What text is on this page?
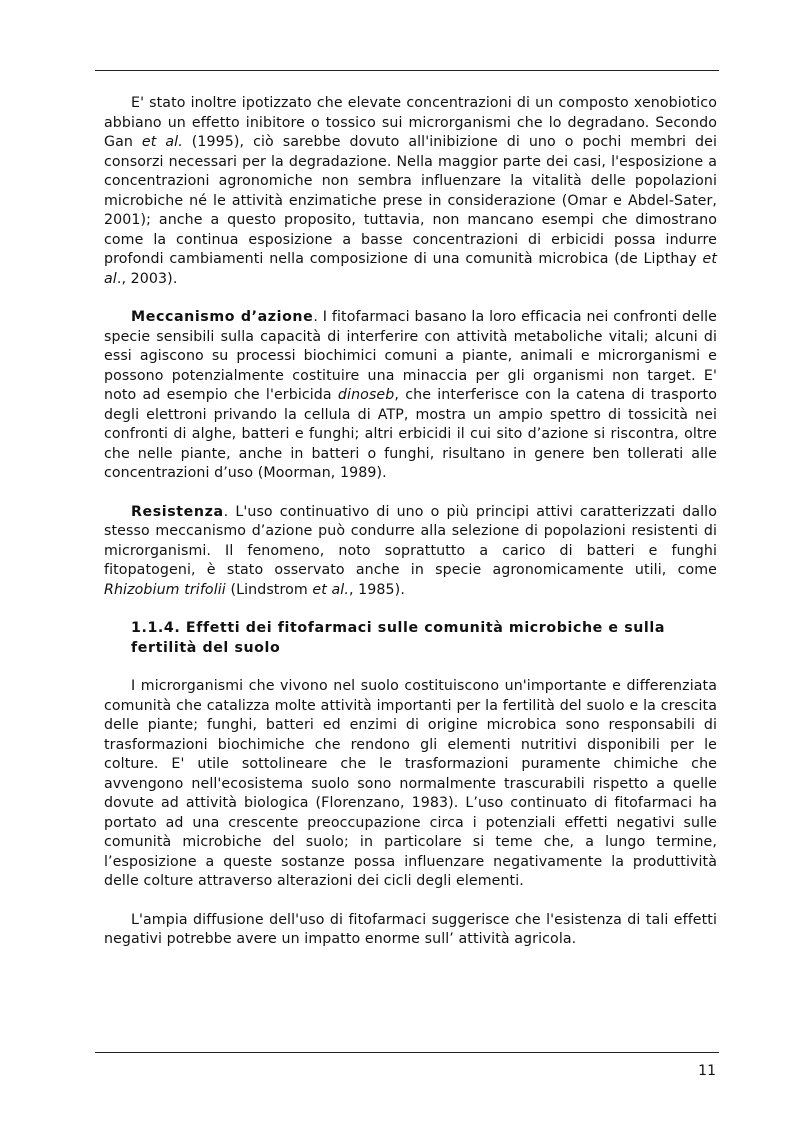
E' stato inoltre ipotizzato che elevate concentrazioni di un composto xenobiotico abbiano un effetto inibitore o tossico sui microrganismi che lo degradano. Secondo Gan et al. (1995), ciò sarebbe dovuto all'inibizione di uno o pochi membri dei consorzi necessari per la degradazione. Nella maggior parte dei casi, l'esposizione a concentrazioni agronomiche non sembra influenzare la vitalità delle popolazioni microbiche né le attività enzimatiche prese in considerazione (Omar e Abdel-Sater, 2001); anche a questo proposito, tuttavia, non mancano esempi che dimostrano come la continua esposizione a basse concentrazioni di erbicidi possa indurre profondi cambiamenti nella composizione di una comunità microbica (de Lipthay et al., 2003).

Meccanismo d’azione. I fitofarmaci basano la loro efficacia nei confronti delle specie sensibili sulla capacità di interferire con attività metaboliche vitali; alcuni di essi agiscono su processi biochimici comuni a piante, animali e microrganismi e possono potenzialmente costituire una minaccia per gli organismi non target. E' noto ad esempio che l'erbicida dinoseb, che interferisce con la catena di trasporto degli elettroni privando la cellula di ATP, mostra un ampio spettro di tossicità nei confronti di alghe, batteri e funghi; altri erbicidi il cui sito d’azione si riscontra, oltre che nelle piante, anche in batteri o funghi, risultano in genere ben tollerati alle concentrazioni d’uso (Moorman, 1989).

Resistenza. L'uso continuativo di uno o più principi attivi caratterizzati dallo stesso meccanismo d’azione può condurre alla selezione di popolazioni resistenti di microrganismi. Il fenomeno, noto soprattutto a carico di batteri e funghi fitopatogeni, è stato osservato anche in specie agronomicamente utili, come Rhizobium trifolii (Lindstrom et al., 1985).

1.1.4. Effetti dei fitofarmaci sulle comunità microbiche e sulla fertilità del suolo

I microrganismi che vivono nel suolo costituiscono un'importante e differenziata comunità che catalizza molte attività importanti per la fertilità del suolo e la crescita delle piante; funghi, batteri ed enzimi di origine microbica sono responsabili di trasformazioni biochimiche che rendono gli elementi nutritivi disponibili per le colture. E' utile sottolineare che le trasformazioni puramente chimiche che avvengono nell'ecosistema suolo sono normalmente trascurabili rispetto a quelle dovute ad attività biologica (Florenzano, 1983). L’uso continuato di fitofarmaci ha portato ad una crescente preoccupazione circa i potenziali effetti negativi sulle comunità microbiche del suolo; in particolare si teme che, a lungo termine, l’esposizione a queste sostanze possa influenzare negativamente la produttività delle colture attraverso alterazioni dei cicli degli elementi.

L'ampia diffusione dell'uso di fitofarmaci suggerisce che l'esistenza di tali effetti negativi potrebbe avere un impatto enorme sull’ attività agricola.

11
